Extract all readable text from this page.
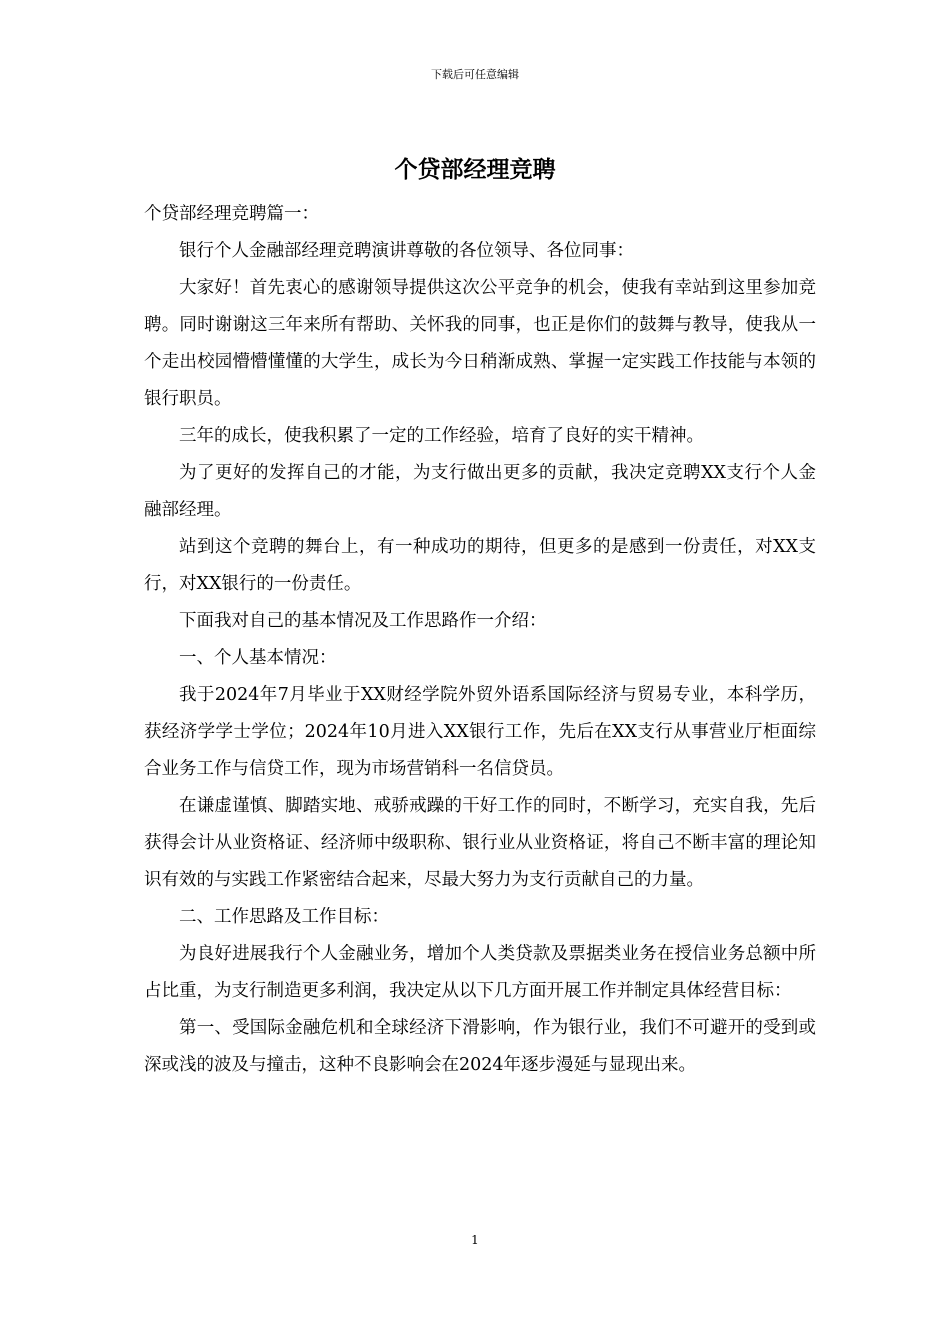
下载后可任意编辑
个贷部经理竞聘

个贷部经理竞聘篇一：

银行个人金融部经理竞聘演讲尊敬的各位领导、各位同事：

大家好！首先衷心的感谢领导提供这次公平竞争的机会，使我有幸站到这里参加竞聘。同时谢谢这三年来所有帮助、关怀我的同事，也正是你们的鼓舞与教导，使我从一个走出校园懵懵懂懂的大学生，成长为今日稍渐成熟、掌握一定实践工作技能与本领的银行职员。

三年的成长，使我积累了一定的工作经验，培育了良好的实干精神。

为了更好的发挥自己的才能，为支行做出更多的贡献，我决定竞聘XX支行个人金融部经理。

站到这个竞聘的舞台上，有一种成功的期待，但更多的是感到一份责任，对XX支行，对XX银行的一份责任。

下面我对自己的基本情况及工作思路作一介绍：

一、个人基本情况：

我于2024年7月毕业于XX财经学院外贸外语系国际经济与贸易专业，本科学历，获经济学学士学位；2024年10月进入XX银行工作，先后在XX支行从事营业厅柜面综合业务工作与信贷工作，现为市场营销科一名信贷员。

在谦虚谨慎、脚踏实地、戒骄戒躁的干好工作的同时，不断学习，充实自我，先后获得会计从业资格证、经济师中级职称、银行业从业资格证，将自己不断丰富的理论知识有效的与实践工作紧密结合起来，尽最大努力为支行贡献自己的力量。

二、工作思路及工作目标：

为良好进展我行个人金融业务，增加个人类贷款及票据类业务在授信业务总额中所占比重，为支行制造更多利润，我决定从以下几方面开展工作并制定具体经营目标：

第一、受国际金融危机和全球经济下滑影响，作为银行业，我们不可避开的受到或深或浅的波及与撞击，这种不良影响会在2024年逐步漫延与显现出来。

1
